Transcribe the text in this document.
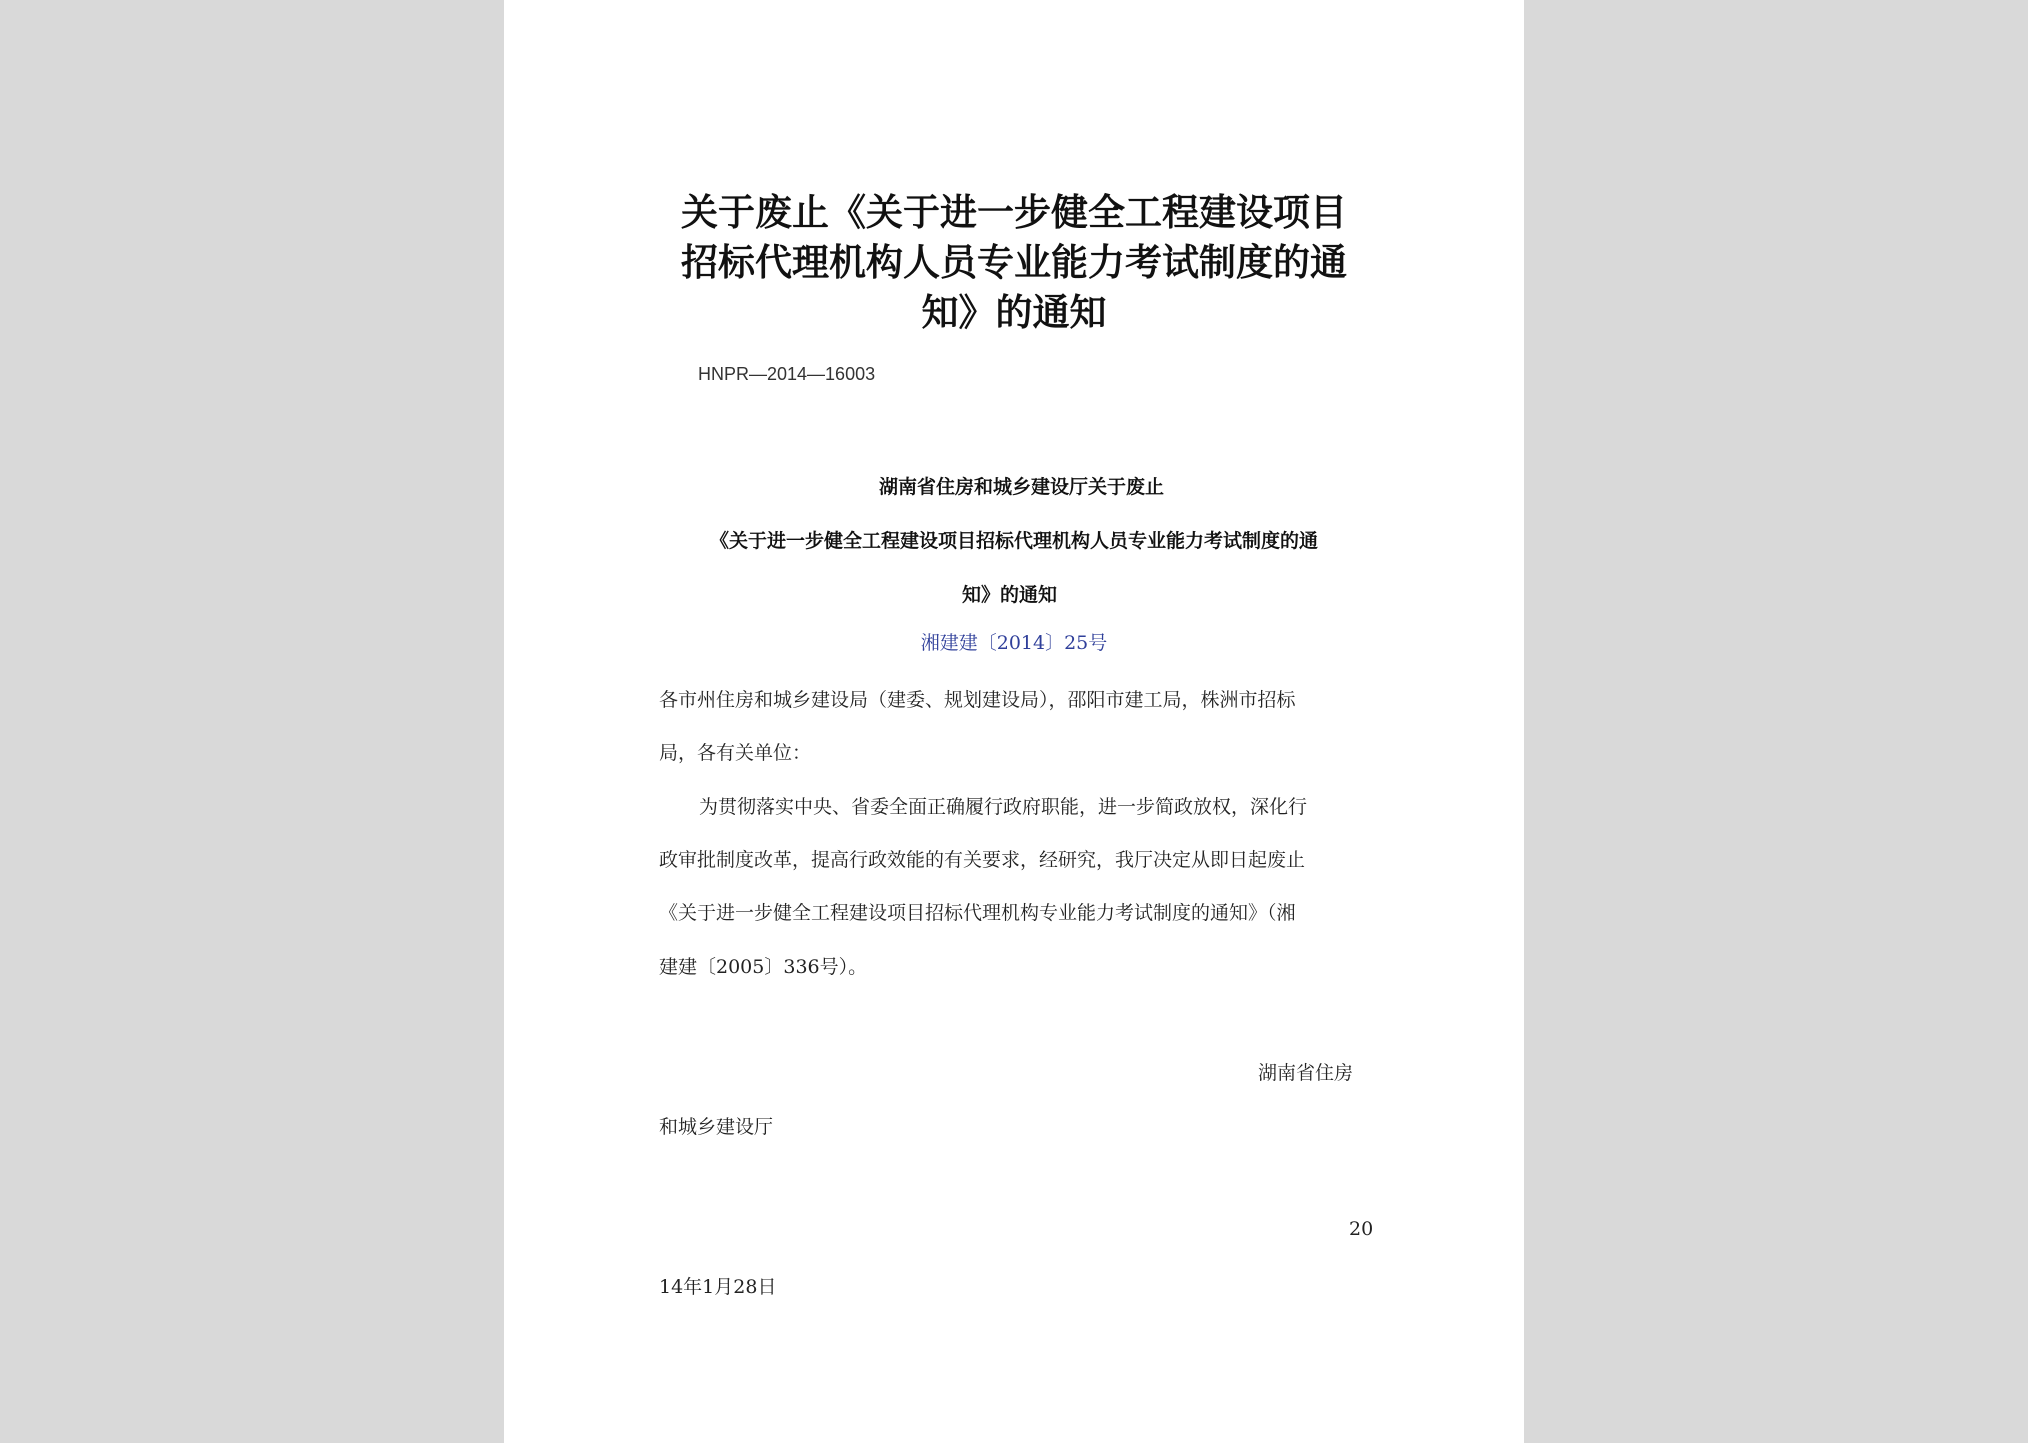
关于废止《关于进一步健全工程建设项目
招标代理机构人员专业能力考试制度的通
知》的通知
HNPR—2014—16003
湖南省住房和城乡建设厅关于废止
《关于进一步健全工程建设项目招标代理机构人员专业能力考试制度的通
知》的通知
湘建建〔2014〕25号
各市州住房和城乡建设局（建委、规划建设局），邵阳市建工局，株洲市招标
局，各有关单位：
为贯彻落实中央、省委全面正确履行政府职能，进一步简政放权，深化行
政审批制度改革，提高行政效能的有关要求，经研究，我厅决定从即日起废止
《关于进一步健全工程建设项目招标代理机构专业能力考试制度的通知》（湘
建建〔2005〕336号）。
湖南省住房
和城乡建设厅
20
14年1月28日
